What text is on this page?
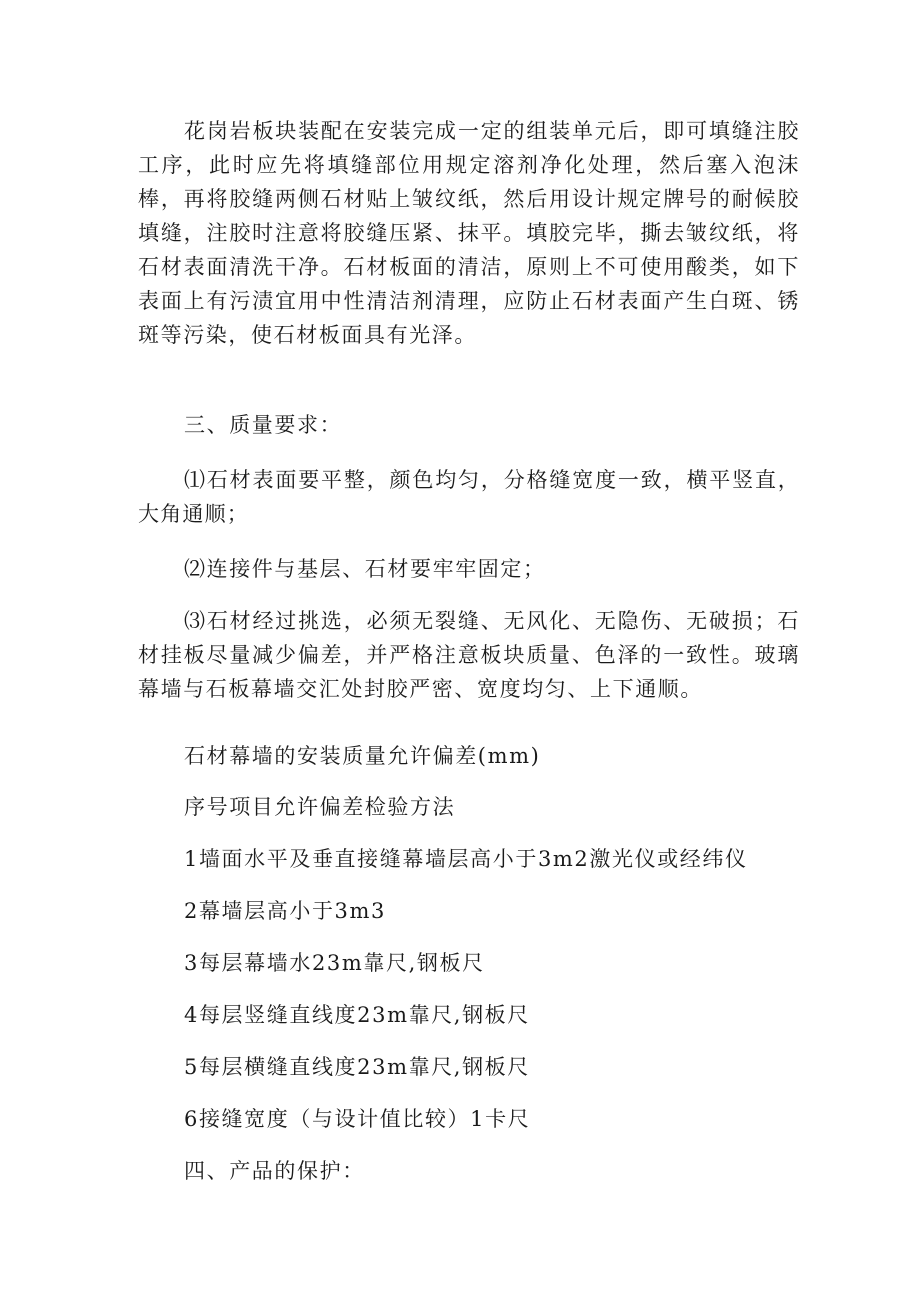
花岗岩板块装配在安装完成一定的组装单元后，即可填缝注胶工序，此时应先将填缝部位用规定溶剂净化处理，然后塞入泡沫棒，再将胶缝两侧石材贴上皱纹纸，然后用设计规定牌号的耐候胶填缝，注胶时注意将胶缝压紧、抹平。填胶完毕，撕去皱纹纸，将石材表面清洗干净。石材板面的清洁，原则上不可使用酸类，如下表面上有污渍宜用中性清洁剂清理，应防止石材表面产生白斑、锈斑等污染，使石材板面具有光泽。

三、质量要求：

⑴石材表面要平整，颜色均匀，分格缝宽度一致，横平竖直，大角通顺；

⑵连接件与基层、石材要牢牢固定；

⑶石材经过挑选，必须无裂缝、无风化、无隐伤、无破损；石材挂板尽量减少偏差，并严格注意板块质量、色泽的一致性。玻璃幕墙与石板幕墙交汇处封胶严密、宽度均匀、上下通顺。

石材幕墙的安装质量允许偏差(mm)

序号项目允许偏差检验方法

1墙面水平及垂直接缝幕墙层高小于3m2激光仪或经纬仪

2幕墙层高小于3m3

3每层幕墙水23m靠尺,钢板尺

4每层竖缝直线度23m靠尺,钢板尺

5每层横缝直线度23m靠尺,钢板尺

6接缝宽度（与设计值比较）1卡尺

四、产品的保护：
